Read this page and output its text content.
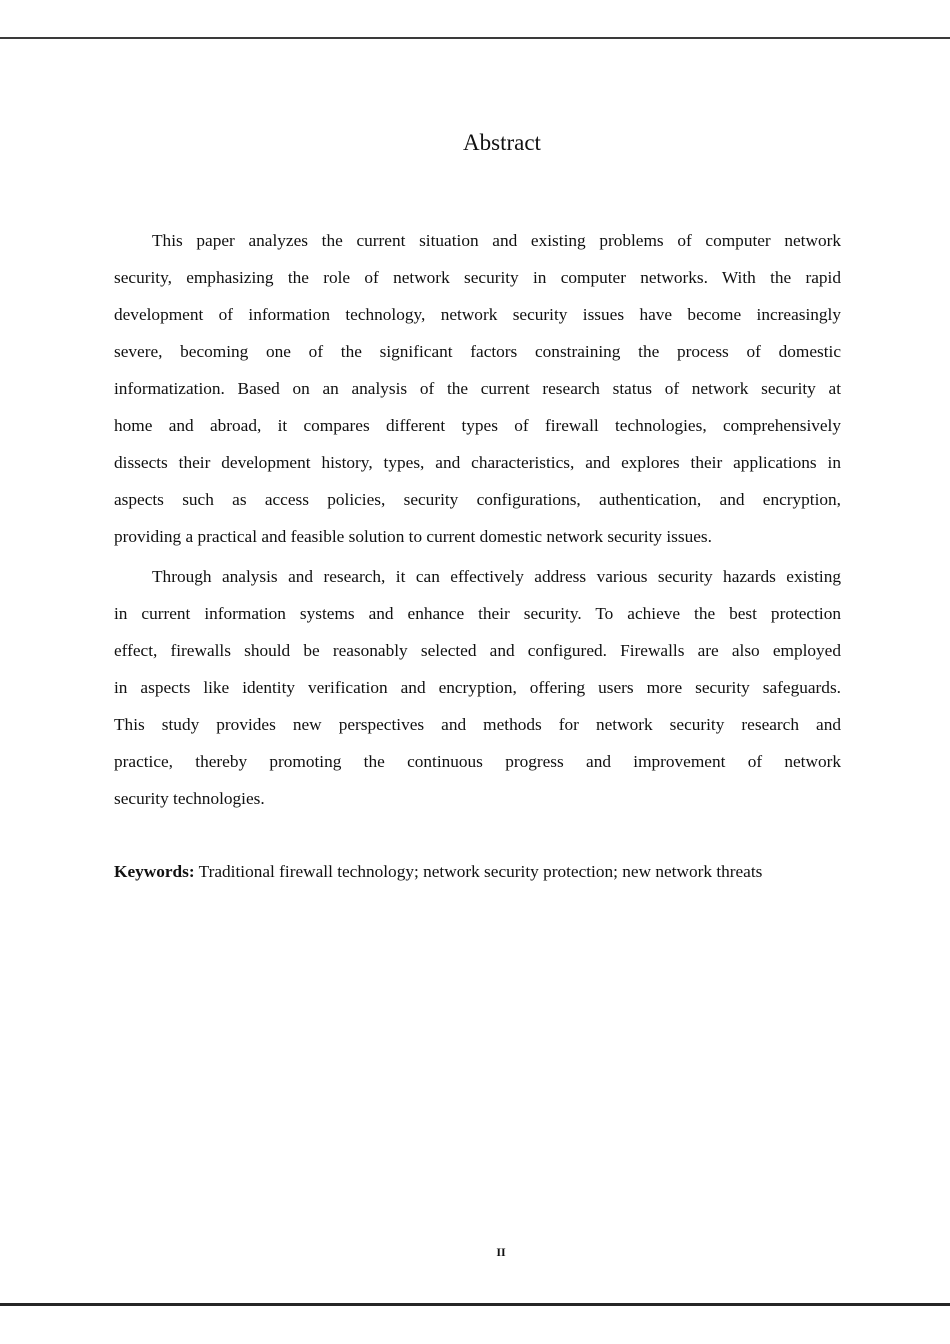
Abstract
This paper analyzes the current situation and existing problems of computer network
security, emphasizing the role of network security in computer networks. With the rapid
development of information technology, network security issues have become increasingly
severe, becoming one of the significant factors constraining the process of domestic
informatization. Based on an analysis of the current research status of network security at
home and abroad, it compares different types of firewall technologies, comprehensively
dissects their development history, types, and characteristics, and explores their applications in
aspects such as access policies, security configurations, authentication, and encryption,
providing a practical and feasible solution to current domestic network security issues.
Through analysis and research, it can effectively address various security hazards existing
in current information systems and enhance their security. To achieve the best protection
effect, firewalls should be reasonably selected and configured. Firewalls are also employed
in aspects like identity verification and encryption, offering users more security safeguards.
This study provides new perspectives and methods for network security research and
practice, thereby promoting the continuous progress and improvement of network
security technologies.
Keywords: Traditional firewall technology; network security protection; new network threats
II
